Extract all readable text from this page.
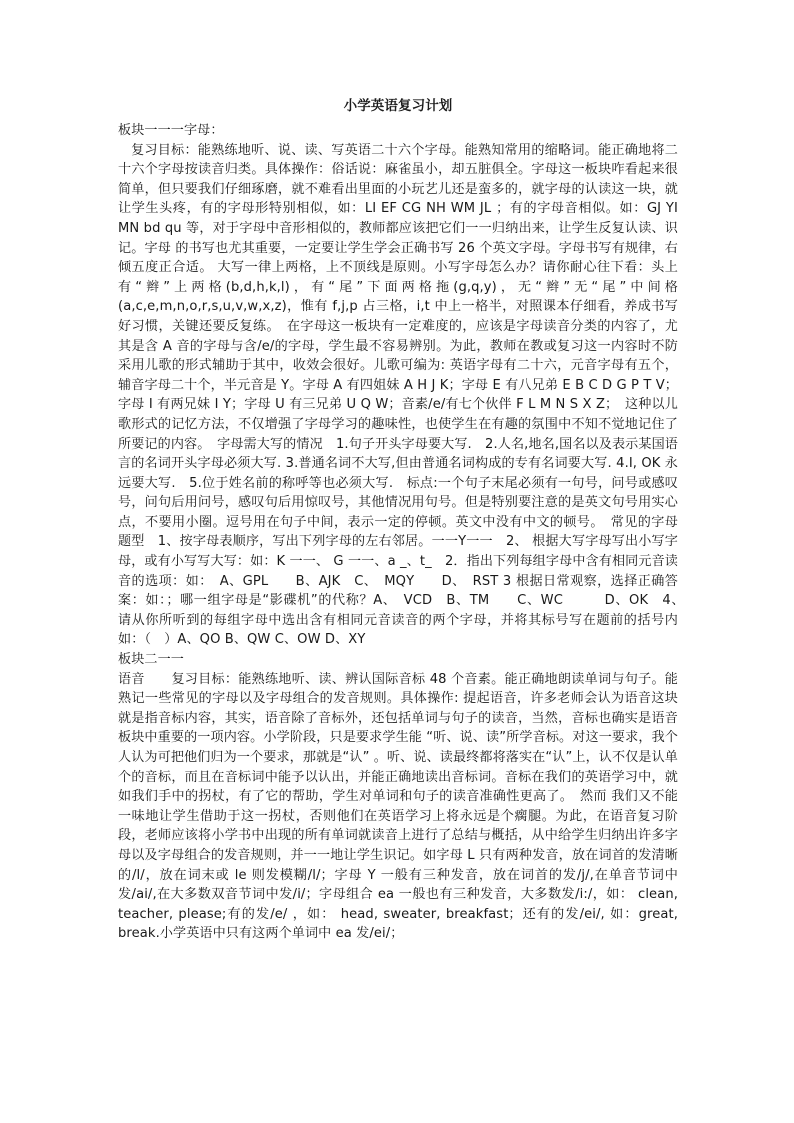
小学英语复习计划
板块一一一字母：

复习目标：能熟练地听、说、读、写英语二十六个字母。能熟知常用的缩略词。能正确地将二十六个字母按读音归类。具体操作：俗话说：麻雀虽小，却五脏俱全。字母这一板块咋看起来很简单，但只要我们仔细琢磨，就不难看出里面的小玩艺儿还是蛮多的，就字母的认读这一块，就让学生头疼，有的字母形特别相似，如：LI EF CG NH WM JL ；有的字母音相似。如：GJ YI MN bd qu 等，对于字母中音形相似的，教师都应该把它们一一归纳出来，让学生反复认读、识记。字母 的书写也尤其重要，一定要让学生学会正确书写 26 个英文字母。字母书写有规律，右倾五度正合适。 大写一律上两格，上不顶线是原则。小写字母怎么办？请你耐心往下看：头上有“辫”上两格(b,d,h,k,l)，有“尾”下面两格拖(g,q,y)，无“辫”无“尾”中间格(a,c,e,m,n,o,r,s,u,v,w,x,z)，惟有 f,j,p 占三格，i,t 中上一格半，对照课本仔细看，养成书写好习惯，关键还要反复练。　在字母这一板块有一定难度的，应该是字母读音分类的内容了，尤其是含 A 音的字母与含/e/的字母，学生最不容易辨别。为此，教师在教或复习这一内容时不防采用儿歌的形式辅助于其中，收效会很好。儿歌可编为: 英语字母有二十六，元音字母有五个，辅音字母二十个，半元音是 Y。字母 A 有四姐妹 A H J K；字母 E 有八兄弟 E B C D G P T V；字母 I 有两兄妹 I Y；字母 U 有三兄弟 U Q W；音素/e/有七个伙伴 F L M N S X Z；　这种以儿歌形式的记忆方法，不仅增强了字母学习的趣味性，也使学生在有趣的氛围中不知不觉地记住了所要记的内容。　字母需大写的情况　1.句子开头字母要大写.　2.人名,地名,国名以及表示某国语言的名词开头字母必须大写. 3.普通名词不大写,但由普通名词构成的专有名词要大写. 4.I, OK 永远要大写.　5.位于姓名前的称呼等也必须大写.　标点:一个句子末尾必须有一句号，问号或感叹号，问句后用问号，感叹句后用惊叹号，其他情况用句号。但是特别要注意的是英文句号用实心点，不要用小圈。逗号用在句子中间，表示一定的停顿。英文中没有中文的顿号。　常见的字母题型　1、按字母表顺序，写出下列字母的左右邻居。一一Y一一　2、 根据大写字母写出小写字母，或有小写写大写：如：K 一一、 G 一一、a _、t_　2．指出下列每组字母中含有相同元音读音的选项：如：　A、GPL　　B、AJK　C、　MQY　　D、　RST 3 根据日常观察，选择正确答案：如：；哪一组字母是“影碟机”的代称？A、　VCD　B、TM　　C、WC　　　D、OK　4、　请从你所听到的每组字母中选出含有相同元音读音的两个字母，并将其标号写在题前的括号内如：（　）A、QO B、QW C、OW D、XY

板块二一一

语音　　复习目标：能熟练地听、读、辨认国际音标 48 个音素。能正确地朗读单词与句子。能熟记一些常见的字母以及字母组合的发音规则。具体操作: 提起语音，许多老师会认为语音这块就是指音标内容，其实，语音除了音标外，还包括单词与句子的读音，当然，音标也确实是语音板块中重要的一项内容。小学阶段，只是要求学生能 “听、说、读”所学音标。对这一要求，我个人认为可把他们归为一个要求，那就是“认” 。听、说、读最终都将落实在“认”上，认不仅是认单个的音标，而且在音标词中能予以认出，并能正确地读出音标词。音标在我们的英语学习中，就如我们手中的拐杖，有了它的帮助，学生对单词和句子的读音准确性更高了。　然而 我们又不能一味地让学生借助于这一拐杖，否则他们在英语学习上将永远是个瘸腿。为此，在语音复习阶段，老师应该将小学书中出现的所有单词就读音上进行了总结与概括，从中给学生归纳出许多字母以及字母组合的发音规则，并一一地让学生识记。如字母 L 只有两种发音，放在词首的发清晰的/l/，放在词末或 le 则发模糊/l/；字母 Y 一般有三种发音，放在词首的发/j/,在单音节词中发/ai/,在大多数双音节词中发/i/；字母组合 ea 一般也有三种发音，大多数发/i:/，如： clean, teacher, please;有的发/e/ ，如： head, sweater, breakfast；还有的发/ei/, 如：great, break.小学英语中只有这两个单词中 ea 发/ei/；
